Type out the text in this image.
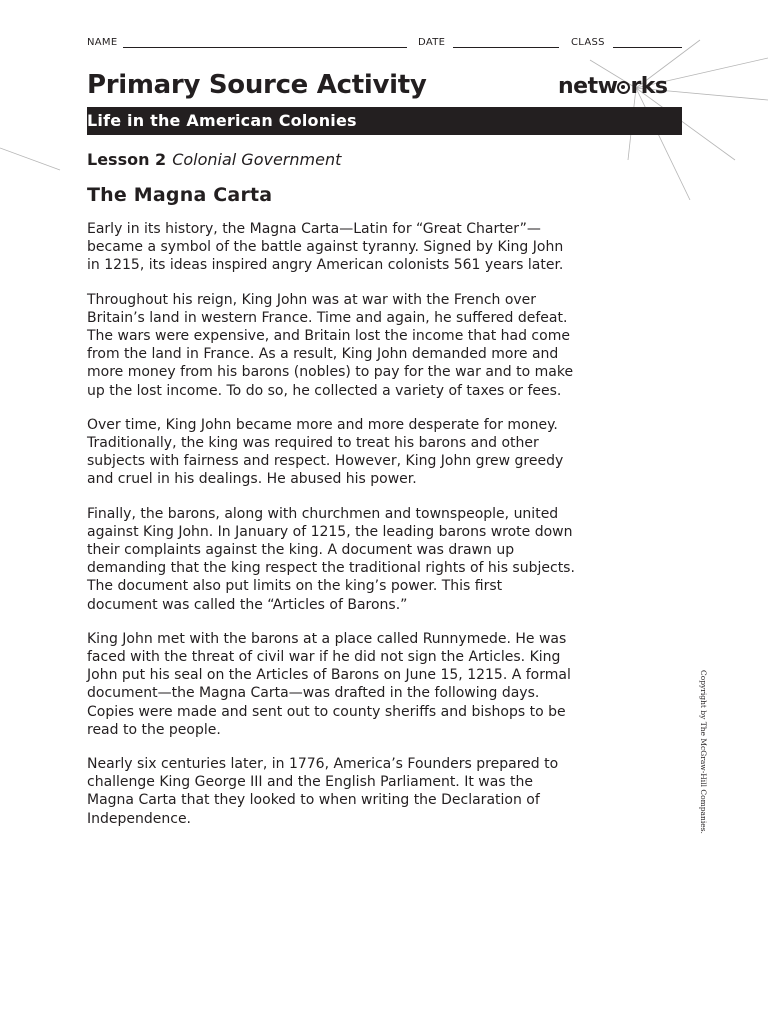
NAME	DATE	CLASS
Primary Source Activity	netw rks
Life in the American Colonies
Lesson 2 Colonial Government
The Magna Carta

Early in its history, the Magna Carta—Latin for “Great Charter”—became a symbol of the battle against tyranny. Signed by King John in 1215, its ideas inspired angry American colonists 561 years later.

Throughout his reign, King John was at war with the French over Britain’s land in western France. Time and again, he suffered defeat. The wars were expensive, and Britain lost the income that had come from the land in France. As a result, King John demanded more and more money from his barons (nobles) to pay for the war and to make up the lost income. To do so, he collected a variety of taxes or fees.

Over time, King John became more and more desperate for money. Traditionally, the king was required to treat his barons and other subjects with fairness and respect. However, King John grew greedy and cruel in his dealings. He abused his power.

Finally, the barons, along with churchmen and townspeople, united against King John. In January of 1215, the leading barons wrote down their complaints against the king. A document was drawn up demanding that the king respect the traditional rights of his subjects. The document also put limits on the king’s power. This first document was called the “Articles of Barons.”

King John met with the barons at a place called Runnymede. He was faced with the threat of civil war if he did not sign the Articles. King John put his seal on the Articles of Barons on June 15, 1215. A formal document—the Magna Carta—was drafted in the following days. Copies were made and sent out to county sheriffs and bishops to be read to the people.

Nearly six centuries later, in 1776, America’s Founders prepared to challenge King George III and the English Parliament. It was the Magna Carta that they looked to when writing the Declaration of Independence.	Copyright by The McGraw-Hill Companies.
